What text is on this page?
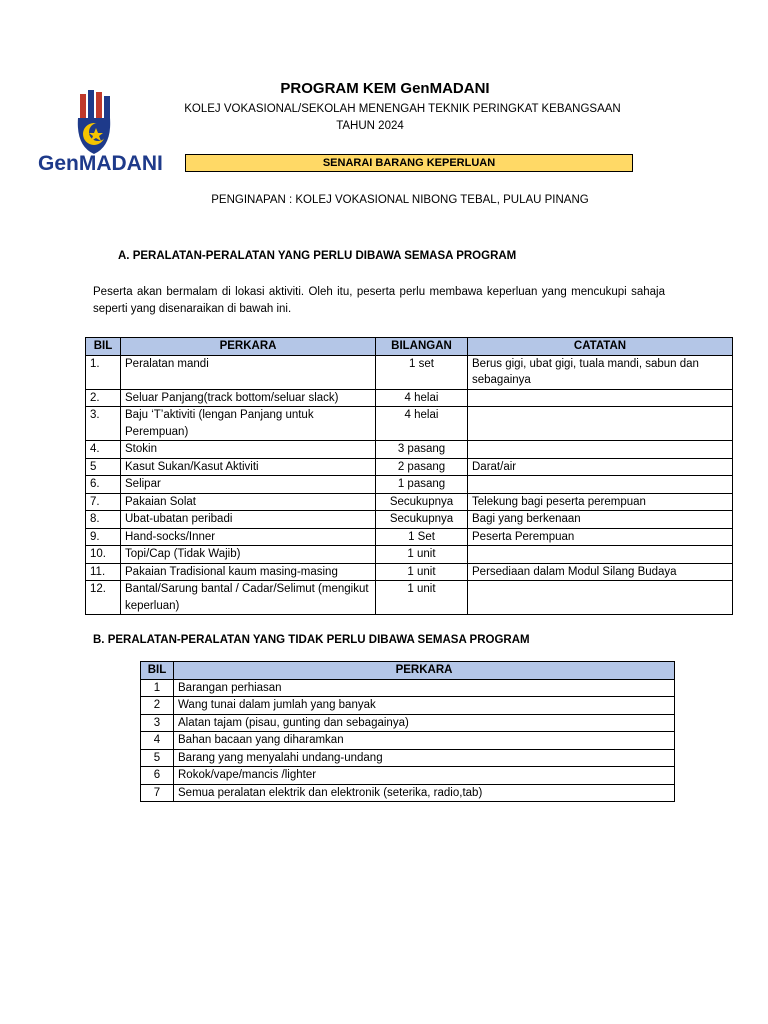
GenMADANI
PROGRAM KEM GenMADANI
KOLEJ VOKASIONAL/SEKOLAH MENENGAH TEKNIK PERINGKAT KEBANGSAAN
TAHUN 2024
SENARAI BARANG KEPERLUAN
PENGINAPAN : KOLEJ VOKASIONAL NIBONG TEBAL, PULAU PINANG
A. PERALATAN-PERALATAN YANG PERLU DIBAWA SEMASA PROGRAM
Peserta akan bermalam di lokasi aktiviti. Oleh itu, peserta perlu membawa keperluan yang mencukupi sahaja seperti yang disenaraikan di bawah ini.
BIL	PERKARA	BILANGAN	CATATAN
1.	Peralatan mandi	1 set	Berus gigi, ubat gigi, tuala mandi, sabun dan sebagainya
2.	Seluar Panjang(track bottom/seluar slack)	4 helai	
3.	Baju ‘T’aktiviti (lengan Panjang untuk Perempuan)	4 helai	
4.	Stokin	3 pasang	
5	Kasut Sukan/Kasut Aktiviti	2 pasang	Darat/air
6.	Selipar	1 pasang	
7.	Pakaian Solat	Secukupnya	Telekung bagi peserta perempuan
8.	Ubat-ubatan peribadi	Secukupnya	Bagi yang berkenaan
9.	Hand-socks/Inner	1 Set	Peserta Perempuan
10.	Topi/Cap (Tidak Wajib)	1 unit	
11.	Pakaian Tradisional kaum masing-masing	1 unit	Persediaan dalam Modul Silang Budaya
12.	Bantal/Sarung bantal / Cadar/Selimut (mengikut keperluan)	1 unit	
B. PERALATAN-PERALATAN YANG TIDAK PERLU DIBAWA SEMASA PROGRAM
BIL	PERKARA
1	Barangan perhiasan
2	Wang tunai dalam jumlah yang banyak
3	Alatan tajam (pisau, gunting dan sebagainya)
4	Bahan bacaan yang diharamkan
5	Barang yang menyalahi undang-undang
6	Rokok/vape/mancis /lighter
7	Semua peralatan elektrik dan elektronik (seterika, radio,tab)
